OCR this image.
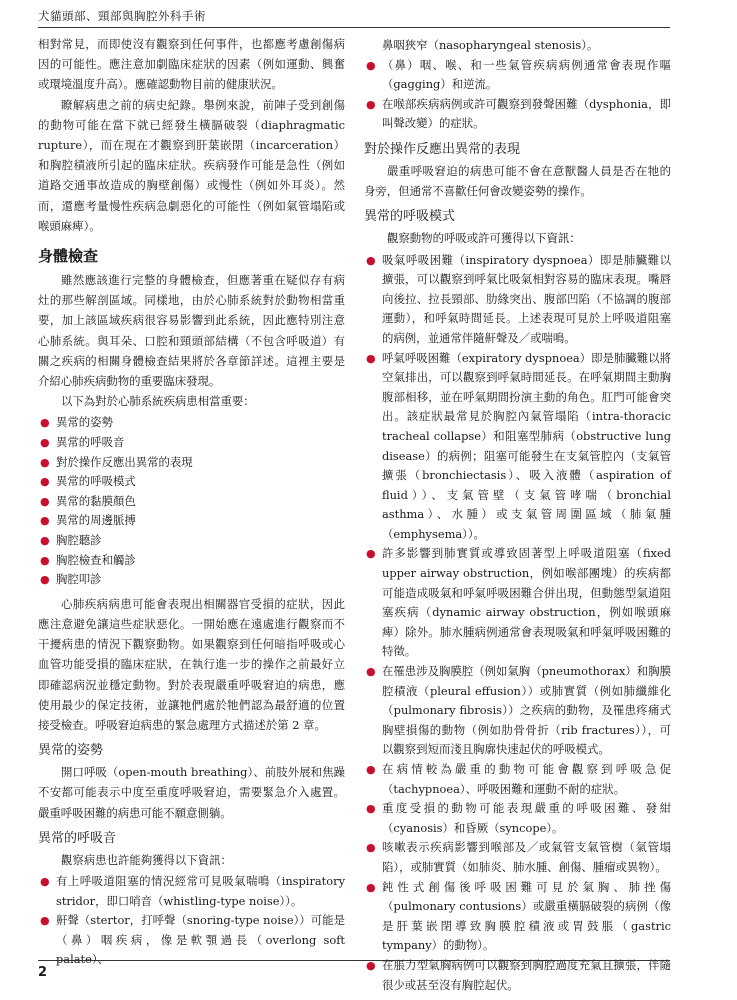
犬貓頭部、頸部與胸腔外科手術

相對常見，而即使沒有觀察到任何事件，也都應考慮創傷病因的可能性。應注意加劇臨床症狀的因素（例如運動、興奮或環境溫度升高）。應確認動物目前的健康狀況。

瞭解病患之前的病史紀錄。舉例來說，前陣子受到創傷的動物可能在當下就已經發生橫膈破裂（diaphragmatic rupture），而在現在才觀察到肝葉嵌閉（incarceration）和胸腔積液所引起的臨床症狀。疾病發作可能是急性（例如道路交通事故造成的胸壁創傷）或慢性（例如外耳炎）。然而，還應考量慢性疾病急劇惡化的可能性（例如氣管塌陷或喉頭麻痺）。

身體檢查

雖然應該進行完整的身體檢查，但應著重在疑似存有病灶的那些解剖區域。同樣地，由於心肺系統對於動物相當重要，加上該區域疾病很容易影響到此系統，因此應特別注意心肺系統。與耳朵、口腔和頸頭部結構（不包含呼吸道）有關之疾病的相關身體檢查結果將於各章節詳述。這裡主要是介紹心肺疾病動物的重要臨床發現。

以下為對於心肺系統疾病患相當重要：

● 異常的姿勢
● 異常的呼吸音
● 對於操作反應出異常的表現
● 異常的呼吸模式
● 異常的黏膜顏色
● 異常的周邊脈搏
● 胸腔聽診
● 胸腔檢查和觸診
● 胸腔叩診

心肺疾病病患可能會表現出相關器官受損的症狀，因此應注意避免讓這些症狀惡化。一開始應在遠處進行觀察而不干擾病患的情況下觀察動物。如果觀察到任何暗指呼吸或心血管功能受損的臨床症狀，在執行進一步的操作之前最好立即確認病況並穩定動物。對於表現嚴重呼吸窘迫的病患，應使用最少的保定技術，並讓牠們處於牠們認為最舒適的位置接受檢查。呼吸窘迫病患的緊急處理方式描述於第 2 章。

異常的姿勢

開口呼吸（open-mouth breathing）、前肢外展和焦躁不安都可能表示中度至重度呼吸窘迫，需要緊急介入處置。嚴重呼吸困難的病患可能不願意側躺。

異常的呼吸音

觀察病患也許能夠獲得以下資訊：

● 有上呼吸道阻塞的情況經常可見吸氣喘鳴（inspiratory stridor，即口哨音（whistling-type noise））。
● 鼾聲（stertor，打呼聲（snoring-type noise））可能是（鼻）咽疾病，像是軟顎過長（overlong soft palate）、
鼻咽狹窄（nasopharyngeal stenosis）。
● （鼻）咽、喉、和一些氣管疾病病例通常會表現作嘔（gagging）和逆流。
● 在喉部疾病病例或許可觀察到發聲困難（dysphonia，即叫聲改變）的症狀。
對於操作反應出異常的表現

嚴重呼吸窘迫的病患可能不會在意獸醫人員是否在牠的身旁，但通常不喜歡任何會改變姿勢的操作。

異常的呼吸模式

觀察動物的呼吸或許可獲得以下資訊：

● 吸氣呼吸困難（inspiratory dyspnoea）即是肺臟難以擴張，可以觀察到呼氣比吸氣相對容易的臨床表現。嘴唇向後拉、拉長頸部、肋緣突出、腹部凹陷（不協調的腹部運動），和呼氣時間延長。上述表現可見於上呼吸道阻塞的病例，並通常伴隨鼾聲及／或喘鳴。
● 呼氣呼吸困難（expiratory dyspnoea）即是肺臟難以將空氣排出，可以觀察到呼氣時間延長。在呼氣期間主動胸腹部相移，並在呼氣期間扮演主動的角色。肛門可能會突出。該症狀最常見於胸腔內氣管塌陷（intra-thoracic tracheal collapse）和阻塞型肺病（obstructive lung disease）的病例；阻塞可能發生在支氣管腔內（支氣管擴張（bronchiectasis）、吸入液體（aspiration of fluid））、支氣管壁（支氣管哮喘（bronchial asthma）、水腫）或支氣管周圍區域（肺氣腫（emphysema））。
● 許多影響到肺實質或導致固著型上呼吸道阻塞（fixed upper airway obstruction，例如喉部團塊）的疾病都可能造成吸氣和呼氣呼吸困難合併出現，但動態型氣道阻塞疾病（dynamic airway obstruction，例如喉頭麻痺）除外。肺水腫病例通常會表現吸氣和呼氣呼吸困難的特徵。
● 在罹患涉及胸膜腔（例如氣胸（pneumothorax）和胸膜腔積液（pleural effusion））或肺實質（例如肺纖維化（pulmonary fibrosis））之疾病的動物，及罹患疼痛式胸壁損傷的動物（例如肋骨骨折（rib fractures）），可以觀察到短而淺且胸廓快速起伏的呼吸模式。
● 在病情較為嚴重的動物可能會觀察到呼吸急促（tachypnoea）、呼吸困難和運動不耐的症狀。
● 重度受損的動物可能表現嚴重的呼吸困難、發紺（cyanosis）和昏厥（syncope）。
● 咳嗽表示疾病影響到喉部及／或氣管支氣管樹（氣管塌陷），或肺實質（如肺炎、肺水腫、創傷、腫瘤或異物）。
● 鈍性式創傷後呼吸困難可見於氣胸、肺挫傷（pulmonary contusions）或嚴重橫膈破裂的病例（像是肝葉嵌閉導致胸膜腔積液或胃鼓脹（gastric tympany）的動物）。
● 在脹力型氣胸病例可以觀察到胸腔過度充氣且擴張，伴隨很少或甚至沒有胸腔起伏。
2
